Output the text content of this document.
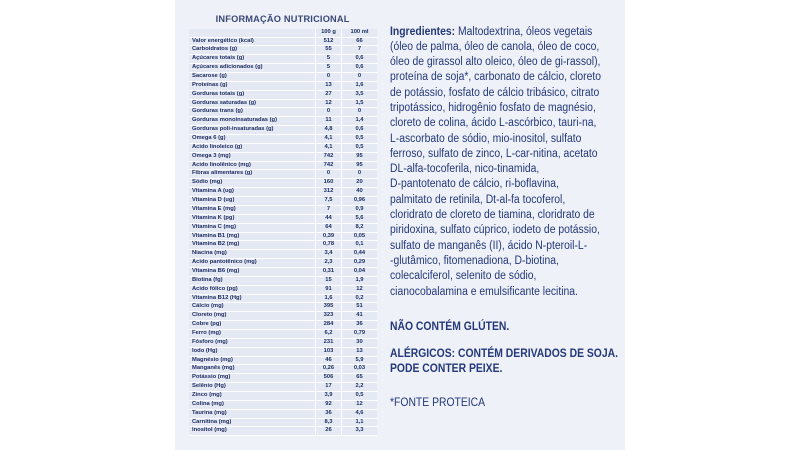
INFORMAÇÃO NUTRICIONAL
100 g	100 ml
Valor energético (kcal)	512	66
Carboidratos (g)	55	7
Açúcares totais (g)	5	0,6
Açúcares adicionados (g)	5	0,6
Sacarose (g)	0	0
Proteínas (g)	13	1,6
Gorduras totais (g)	27	3,5
Gorduras saturadas (g)	12	1,5
Gorduras trans (g)	0	0
Gorduras monoinsaturadas (g)	11	1,4
Gorduras poli-insaturadas (g)	4,8	0,6
Ômega 6 (g)	4,1	0,5
Ácido linoleico (g)	4,1	0,5
Ômega 3 (mg)	742	95
Ácido linolênico (mg)	742	95
Fibras alimentares (g)	0	0
Sódio (mg)	160	20
Vitamina A (ug)	312	40
Vitamina D (ug)	7,5	0,96
Vitamina E (mg)	7	0,9
Vitamina K (pg)	44	5,6
Vitamina C (mg)	64	8,2
Vitamina B1 (mg)	0,39	0,05
Vitamina B2 (mg)	0,78	0,1
Niacina (mg)	3,4	0,44
Ácido pantotênico (mg)	2,3	0,29
Vitamina B6 (mg)	0,31	0,04
Biotina (fg)	15	1,9
Ácido fólico (pg)	91	12
Vitamina B12 (Hg)	1,6	0,2
Cálcio (mg)	395	51
Cloreto (mg)	323	41
Cobre (pg)	284	36
Ferro (mg)	6,2	0,79
Fósforo (mg)	231	30
Iodo (Hg)	103	13
Magnésio (mg)	46	5,9
Manganês (mg)	0,26	0,03
Potássio (mg)	506	65
Selênio (Hg)	17	2,2
Zinco (mg)	3,9	0,5
Colina (mg)	92	12
Taurina (mg)	36	4,6
Carnitina (mg)	8,3	1,1
Inositol (mg)	26	3,3
Ingredientes: Maltodextrina, óleos vegetais
(óleo de palma, óleo de canola, óleo de coco,
óleo de girassol alto oleico, óleo de gi-rassol),
proteína de soja*, carbonato de cálcio, cloreto
de potássio, fosfato de cálcio tribásico, citrato
tripotássico, hidrogênio fosfato de magnésio,
cloreto de colina, ácido L-ascórbico, tauri-na,
L-ascorbato de sódio, mio-inositol, sulfato
ferroso, sulfato de zinco, L-car-nitina, acetato
DL-alfa-tocoferila, nico-tinamida,
D-pantotenato de cálcio, ri-boflavina,
palmitato de retinila, Dt-al-fa tocoferol,
cloridrato de cloreto de tiamina, cloridrato de
piridoxina, sulfato cúprico, iodeto de potássio,
sulfato de manganês (II), ácido N-pteroil-L-
-glutâmico, fitomenadiona, D-biotina,
colecalciferol, selenito de sódio,
cianocobalamina e emulsificante lecitina.
NÃO CONTÉM GLÚTEN.
ALÉRGICOS: CONTÉM DERIVADOS DE SOJA.
PODE CONTER PEIXE.
*FONTE PROTEICA
